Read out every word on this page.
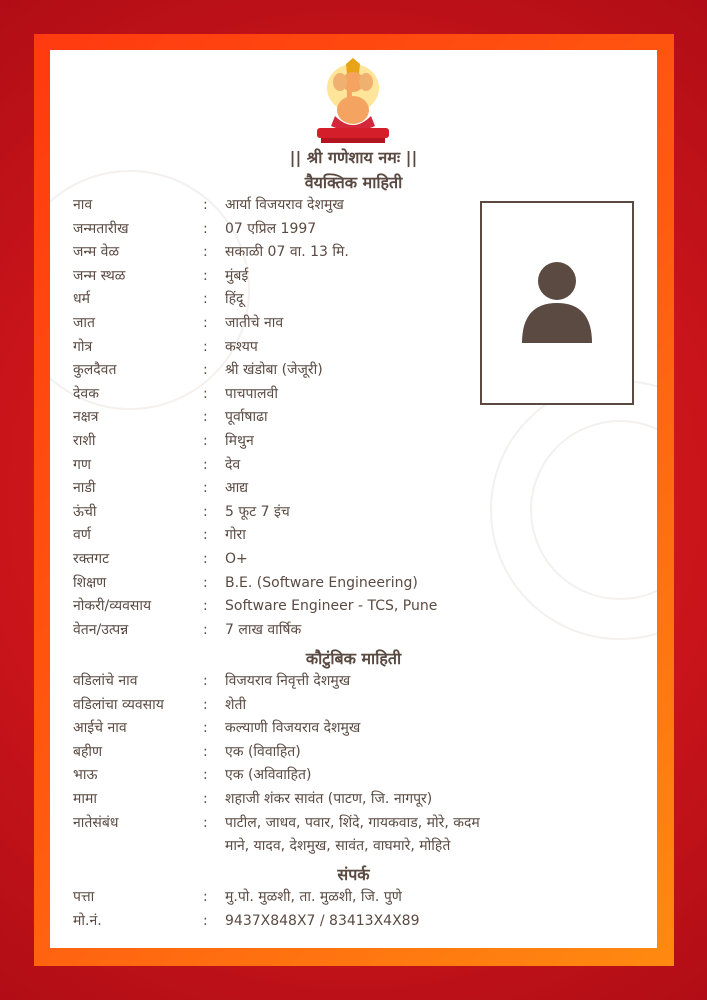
|| श्री गणेशाय नमः ||
वैयक्तिक माहिती
नाव	:	आर्या विजयराव देशमुख
जन्मतारीख	:	07 एप्रिल 1997
जन्म वेळ	:	सकाळी 07 वा. 13 मि.
जन्म स्थळ	:	मुंबई
धर्म	:	हिंदू
जात	:	जातीचे नाव
गोत्र	:	कश्यप
कुलदैवत	:	श्री खंडोबा (जेजूरी)
देवक	:	पाचपालवी
नक्षत्र	:	पूर्वाषाढा
राशी	:	मिथुन
गण	:	देव
नाडी	:	आद्य
ऊंची	:	5 फूट 7 इंच
वर्ण	:	गोरा
रक्तगट	:	O+
शिक्षण	:	B.E. (Software Engineering)
नोकरी/व्यवसाय	:	Software Engineer - TCS, Pune
वेतन/उत्पन्न	:	7 लाख वार्षिक
कौटुंबिक माहिती
वडिलांचे नाव	:	विजयराव निवृत्ती देशमुख
वडिलांचा व्यवसाय	:	शेती
आईचे नाव	:	कल्याणी विजयराव देशमुख
बहीण	:	एक (विवाहित)
भाऊ	:	एक (अविवाहित)
मामा	:	शहाजी शंकर सावंत (पाटण, जि. नागपूर)
नातेसंबंध	:	पाटील, जाधव, पवार, शिंदे, गायकवाड, मोरे, कदम
माने, यादव, देशमुख, सावंत, वाघमारे, मोहिते
संपर्क
पत्ता	:	मु.पो. मुळशी, ता. मुळशी, जि. पुणे
मो.नं.	:	9437X848X7 / 83413X4X89
